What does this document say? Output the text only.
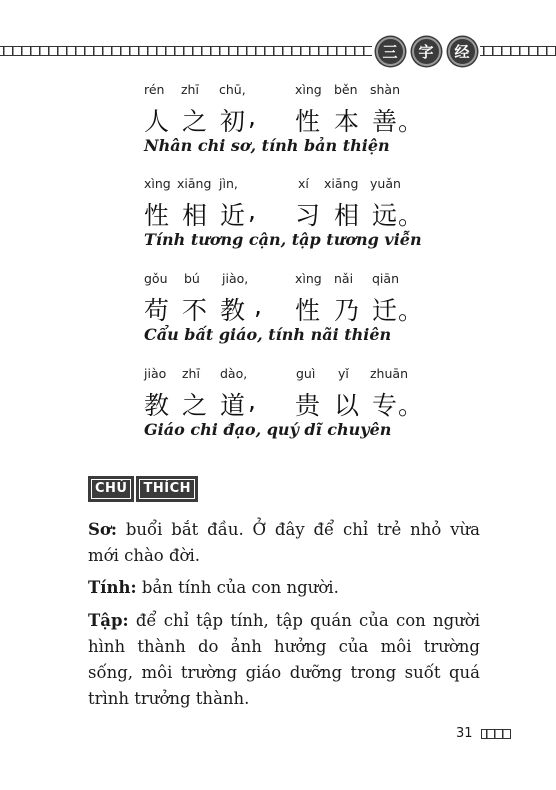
三	字	经
rén zhī chū,	xìng běn shàn
人 之 初 , 性 本 善 。
Nhân chi sơ, tính bản thiện
xìng xiāng jìn,	xí xiāng yuǎn
性 相 近 , 习 相 远 。
Tính tương cận, tập tương viễn
gǒu bú jiào,	xìng nǎi qiān
苟 不 教 , 性 乃 迁 。
Cẩu bất giáo, tính nãi thiên
jiào zhī dào,	guì yǐ zhuān
教 之 道 , 贵 以 专 。
Giáo chi đạo, quý dĩ chuyên
CHÚ	THÍCH
Sơ: buổi bắt đầu. Ở đây để chỉ trẻ nhỏ vừa mới chào đời.
Tính: bản tính của con người.
Tập: để chỉ tập tính, tập quán của con người hình thành do ảnh hưởng của môi trường sống, môi trường giáo dưỡng trong suốt quá trình trưởng thành.
31
